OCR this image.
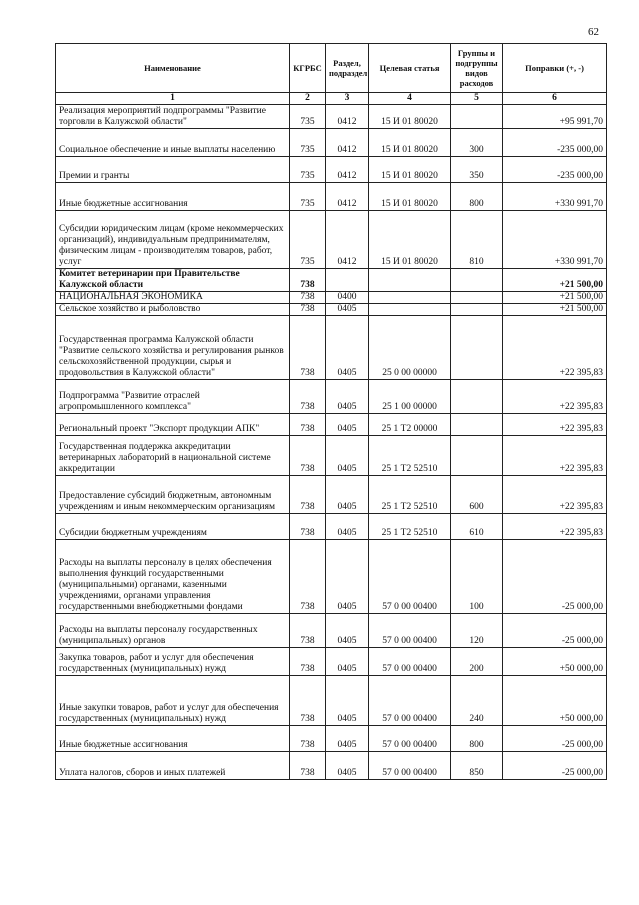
62
Наименование	КГРБС	Раздел, подраздел	Целевая статья	Группы и подгруппы видов расходов	Поправки (+, -)
1	2	3	4	5	6
Реализация мероприятий подпрограммы "Развитие торговли в Калужской области"	735	0412	15 И 01 80020		+95 991,70
Социальное обеспечение и иные выплаты населению	735	0412	15 И 01 80020	300	-235 000,00
Премии и гранты	735	0412	15 И 01 80020	350	-235 000,00
Иные бюджетные ассигнования	735	0412	15 И 01 80020	800	+330 991,70
Субсидии юридическим лицам (кроме некоммерческих организаций), индивидуальным предпринимателям, физическим лицам - производителям товаров, работ, услуг	735	0412	15 И 01 80020	810	+330 991,70
Комитет ветеринарии при Правительстве Калужской области	738				+21 500,00
НАЦИОНАЛЬНАЯ ЭКОНОМИКА	738	0400			+21 500,00
Сельское хозяйство и рыболовство	738	0405			+21 500,00
Государственная программа Калужской области "Развитие сельского хозяйства и регулирования рынков сельскохозяйственной продукции, сырья и продовольствия в Калужской области"	738	0405	25 0 00 00000		+22 395,83
Подпрограмма "Развитие отраслей агропромышленного комплекса"	738	0405	25 1 00 00000		+22 395,83
Региональный проект "Экспорт продукции АПК"	738	0405	25 1 Т2 00000		+22 395,83
Государственная поддержка аккредитации ветеринарных лабораторий в национальной системе аккредитации	738	0405	25 1 Т2 52510		+22 395,83
Предоставление субсидий бюджетным, автономным учреждениям и иным некоммерческим организациям	738	0405	25 1 Т2 52510	600	+22 395,83
Субсидии бюджетным учреждениям	738	0405	25 1 Т2 52510	610	+22 395,83
Расходы на выплаты персоналу в целях обеспечения выполнения функций государственными (муниципальными) органами, казенными учреждениями, органами управления государственными внебюджетными фондами	738	0405	57 0 00 00400	100	-25 000,00
Расходы на выплаты персоналу государственных (муниципальных) органов	738	0405	57 0 00 00400	120	-25 000,00
Закупка товаров, работ и услуг для обеспечения государственных (муниципальных) нужд	738	0405	57 0 00 00400	200	+50 000,00
Иные закупки товаров, работ и услуг для обеспечения государственных (муниципальных) нужд	738	0405	57 0 00 00400	240	+50 000,00
Иные бюджетные ассигнования	738	0405	57 0 00 00400	800	-25 000,00
Уплата налогов, сборов и иных платежей	738	0405	57 0 00 00400	850	-25 000,00
